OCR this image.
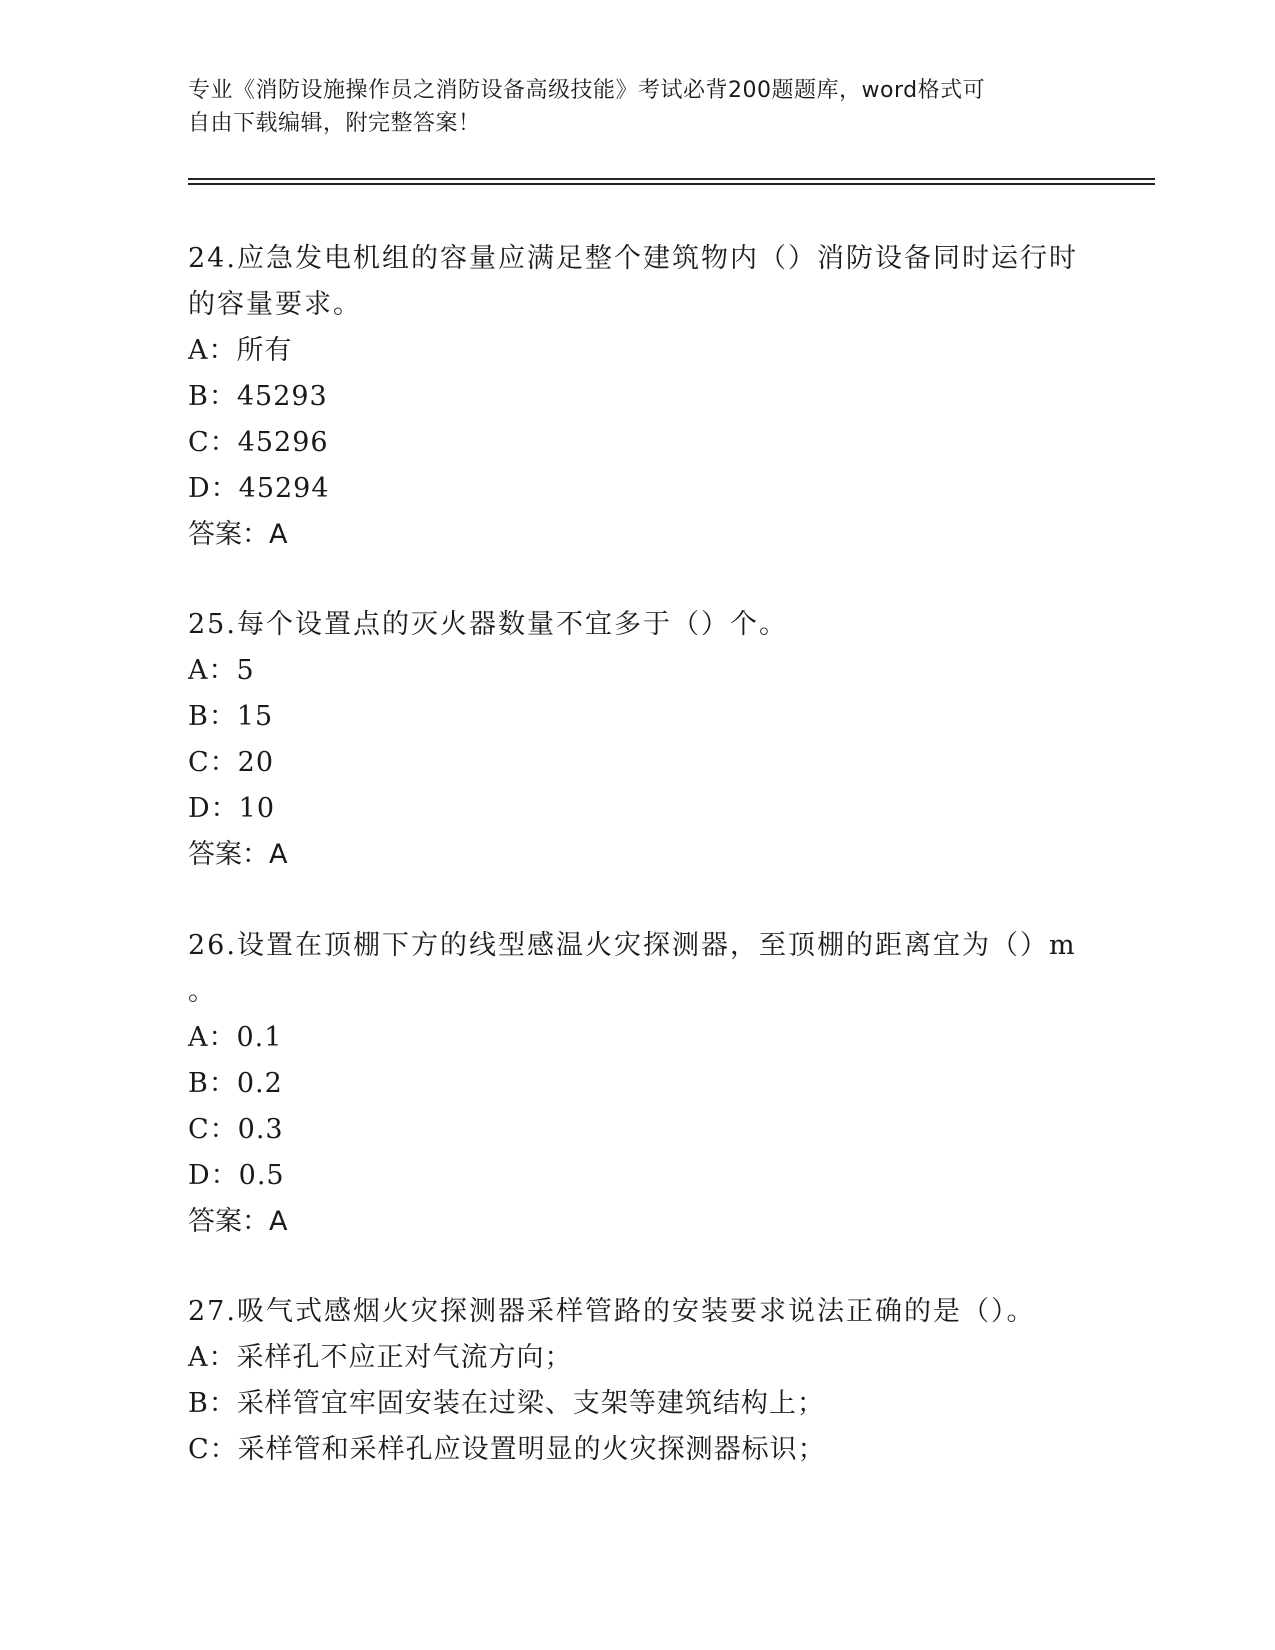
专业《消防设施操作员之消防设备高级技能》考试必背200题题库，word格式可
自由下载编辑，附完整答案！
24.应急发电机组的容量应满足整个建筑物内（）消防设备同时运行时
的容量要求。
A：所有
B：45293
C：45296
D：45294
答案：A
25.每个设置点的灭火器数量不宜多于（）个。
A：5
B：15
C：20
D：10
答案：A
26.设置在顶棚下方的线型感温火灾探测器，至顶棚的距离宜为（）m
。
A：0.1
B：0.2
C：0.3
D：0.5
答案：A
27.吸气式感烟火灾探测器采样管路的安装要求说法正确的是（）。
A：采样孔不应正对气流方向；
B：采样管宜牢固安装在过梁、支架等建筑结构上；
C：采样管和采样孔应设置明显的火灾探测器标识；
